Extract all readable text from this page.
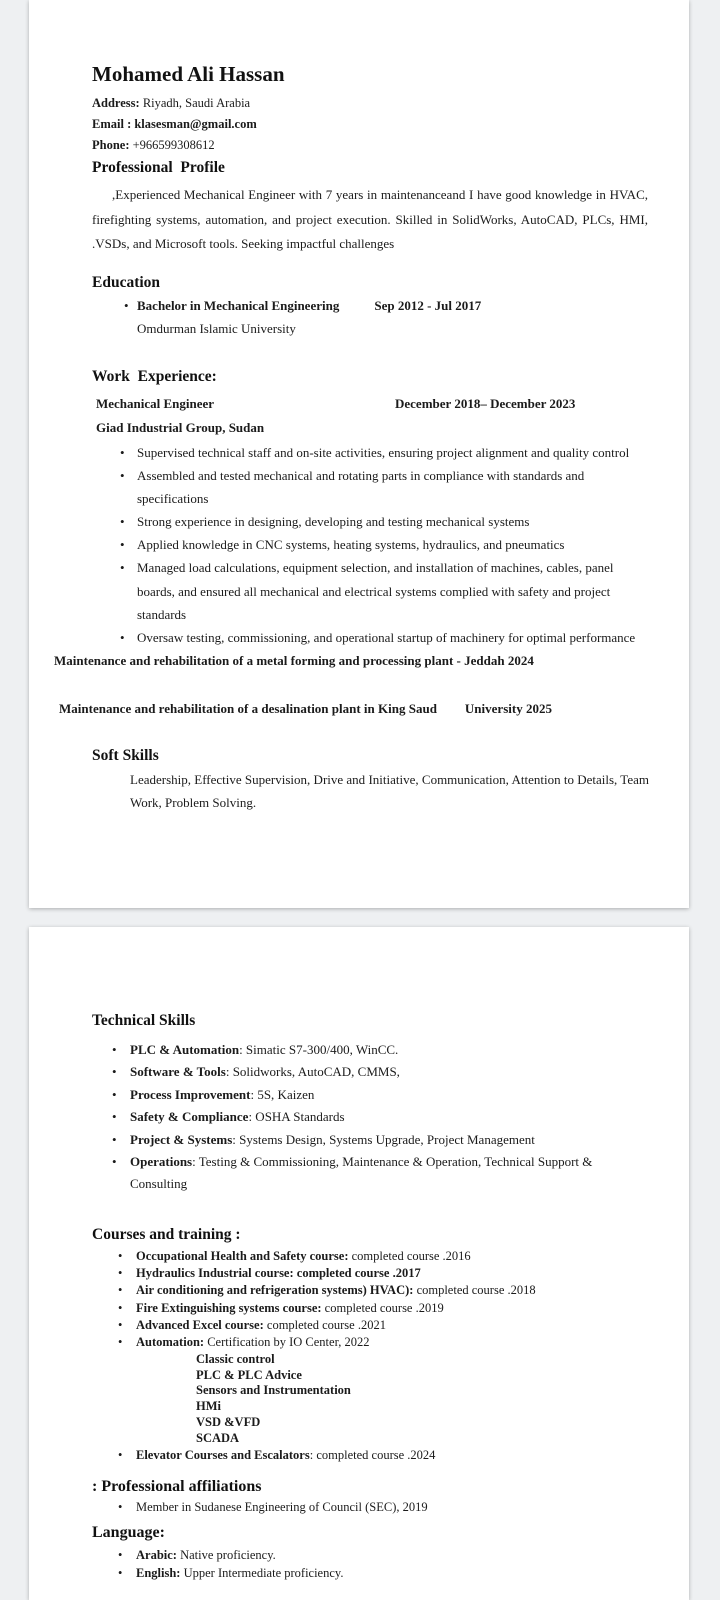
Mohamed Ali Hassan
Address: Riyadh, Saudi Arabia
Email : klasesman@gmail.com
Phone: +966599308612
Professional  Profile
,Experienced Mechanical Engineer with 7 years in maintenanceand I have good knowledge in HVAC,
firefighting systems, automation, and project execution. Skilled in SolidWorks, AutoCAD, PLCs, HMI,
.VSDs, and Microsoft tools. Seeking impactful challenges
Education
• Bachelor in Mechanical Engineering	Sep 2012 - Jul 2017
Omdurman Islamic University
Work  Experience:
Mechanical Engineer	December 2018– December 2023
Giad Industrial Group, Sudan
• Supervised technical staff and on-site activities, ensuring project alignment and quality control
• Assembled and tested mechanical and rotating parts in compliance with standards and specifications
• Strong experience in designing, developing and testing mechanical systems
• Applied knowledge in CNC systems, heating systems, hydraulics, and pneumatics
• Managed load calculations, equipment selection, and installation of machines, cables, panel boards, and ensured all mechanical and electrical systems complied with safety and project standards
• Oversaw testing, commissioning, and operational startup of machinery for optimal performance
Maintenance and rehabilitation of a metal forming and processing plant - Jeddah 2024
Maintenance and rehabilitation of a desalination plant in King Saud University 2025
Soft Skills
Leadership, Effective Supervision, Drive and Initiative, Communication, Attention to Details, Team
Work, Problem Solving.
Technical Skills
•	PLC & Automation: Simatic S7-300/400, WinCC.
•	Software & Tools: Solidworks, AutoCAD, CMMS,
•	Process Improvement: 5S, Kaizen
•	Safety & Compliance: OSHA Standards
•	Project & Systems: Systems Design, Systems Upgrade, Project Management
•	Operations: Testing & Commissioning, Maintenance & Operation, Technical Support & Consulting
Courses and training :
•	Occupational Health and Safety course: completed course .2016
•	Hydraulics Industrial course: completed course .2017
•	Air conditioning and refrigeration systems) HVAC): completed course .2018
•	Fire Extinguishing systems course: completed course .2019
•	Advanced Excel course: completed course .2021
•	Automation: Certification by IO Center, 2022
Classic control
PLC & PLC Advice
Sensors and Instrumentation
HMi
VSD &VFD
SCADA
•	Elevator Courses and Escalators: completed course .2024
: Professional affiliations
•	Member in Sudanese Engineering of Council (SEC), 2019
Language:
•	Arabic: Native proficiency.
•	English: Upper Intermediate proficiency.
